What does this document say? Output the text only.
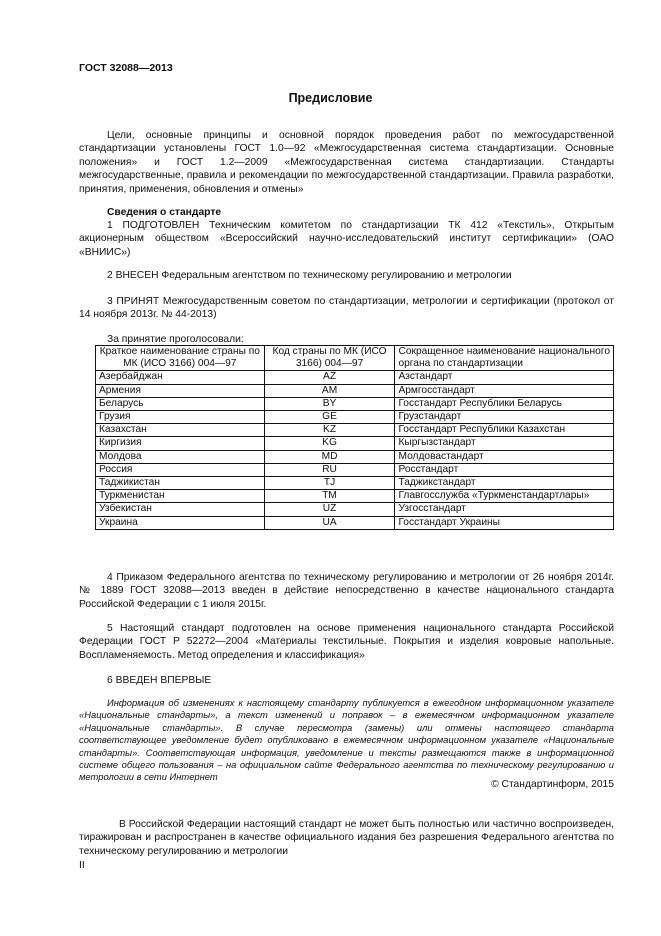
ГОСТ 32088—2013
Предисловие

Цели, основные принципы и основной порядок проведения работ по межгосударственной стандартизации установлены ГОСТ 1.0—92 «Межгосударственная система стандартизации. Основные положения» и ГОСТ 1.2—2009 «Межгосударственная система стандартизации. Стандарты межгосударственные, правила и рекомендации по межгосударственной стандартизации. Правила разработки, принятия, применения, обновления и отмены»

Сведения о стандарте

1 ПОДГОТОВЛЕН Техническим комитетом по стандартизации ТК 412 «Текстиль», Открытым акционерным обществом «Всероссийский научно-исследовательский институт сертификации» (ОАО «ВНИИС»)

2 ВНЕСЕН Федеральным агентством по техническому регулированию и метрологии

3 ПРИНЯТ Межгосударственным советом по стандартизации, метрологии и сертификации (протокол от 14 ноября 2013г. № 44-2013)

За принятие проголосовали:

Краткое наименование страны по МК (ИСО 3166) 004—97	Код страны по МК (ИСО 3166) 004—97	Сокращенное наименование национального органа по стандартизации
Азербайджан	AZ	Азстандарт
Армения	AM	Армгосстандарт
Беларусь	BY	Госстандарт Республики Беларусь
Грузия	GE	Грузстандарт
Казахстан	KZ	Госстандарт Республики Казахстан
Киргизия	KG	Кыргызстандарт
Молдова	MD	Молдовастандарт
Россия	RU	Росстандарт
Таджикистан	TJ	Таджикстандарт
Туркменистан	TM	Главгосслужба «Туркменстандартлары»
Узбекистан	UZ	Узгосстандарт
Украина	UA	Госстандарт Украины

4 Приказом Федерального агентства по техническому регулированию и метрологии от 26 ноября 2014г. № 1889 ГОСТ 32088—2013 введен в действие непосредственно в качестве национального стандарта Российской Федерации с 1 июля 2015г.

5 Настоящий стандарт подготовлен на основе применения национального стандарта Российской Федерации ГОСТ Р 52272—2004 «Материалы текстильные. Покрытия и изделия ковровые напольные. Воспламеняемость. Метод определения и классификация»

6 ВВЕДЕН ВПЕРВЫЕ

Информация об изменениях к настоящему стандарту публикуется в ежегодном информационном указателе «Национальные стандарты», а текст изменений и поправок – в ежемесячном информационном указателе «Национальные стандарты». В случае пересмотра (замены) или отмены настоящего стандарта соответствующее уведомление будет опубликовано в ежемесячном информационном указателе «Национальные стандарты». Соответствующая информация, уведомление и тексты размещаются также в информационной системе общего пользования – на официальном сайте Федерального агентства по техническому регулированию и метрологии в сети Интернет

© Стандартинформ, 2015

В Российской Федерации настоящий стандарт не может быть полностью или частично воспроизведен, тиражирован и распространен в качестве официального издания без разрешения Федерального агентства по техническому регулированию и метрологии

II
